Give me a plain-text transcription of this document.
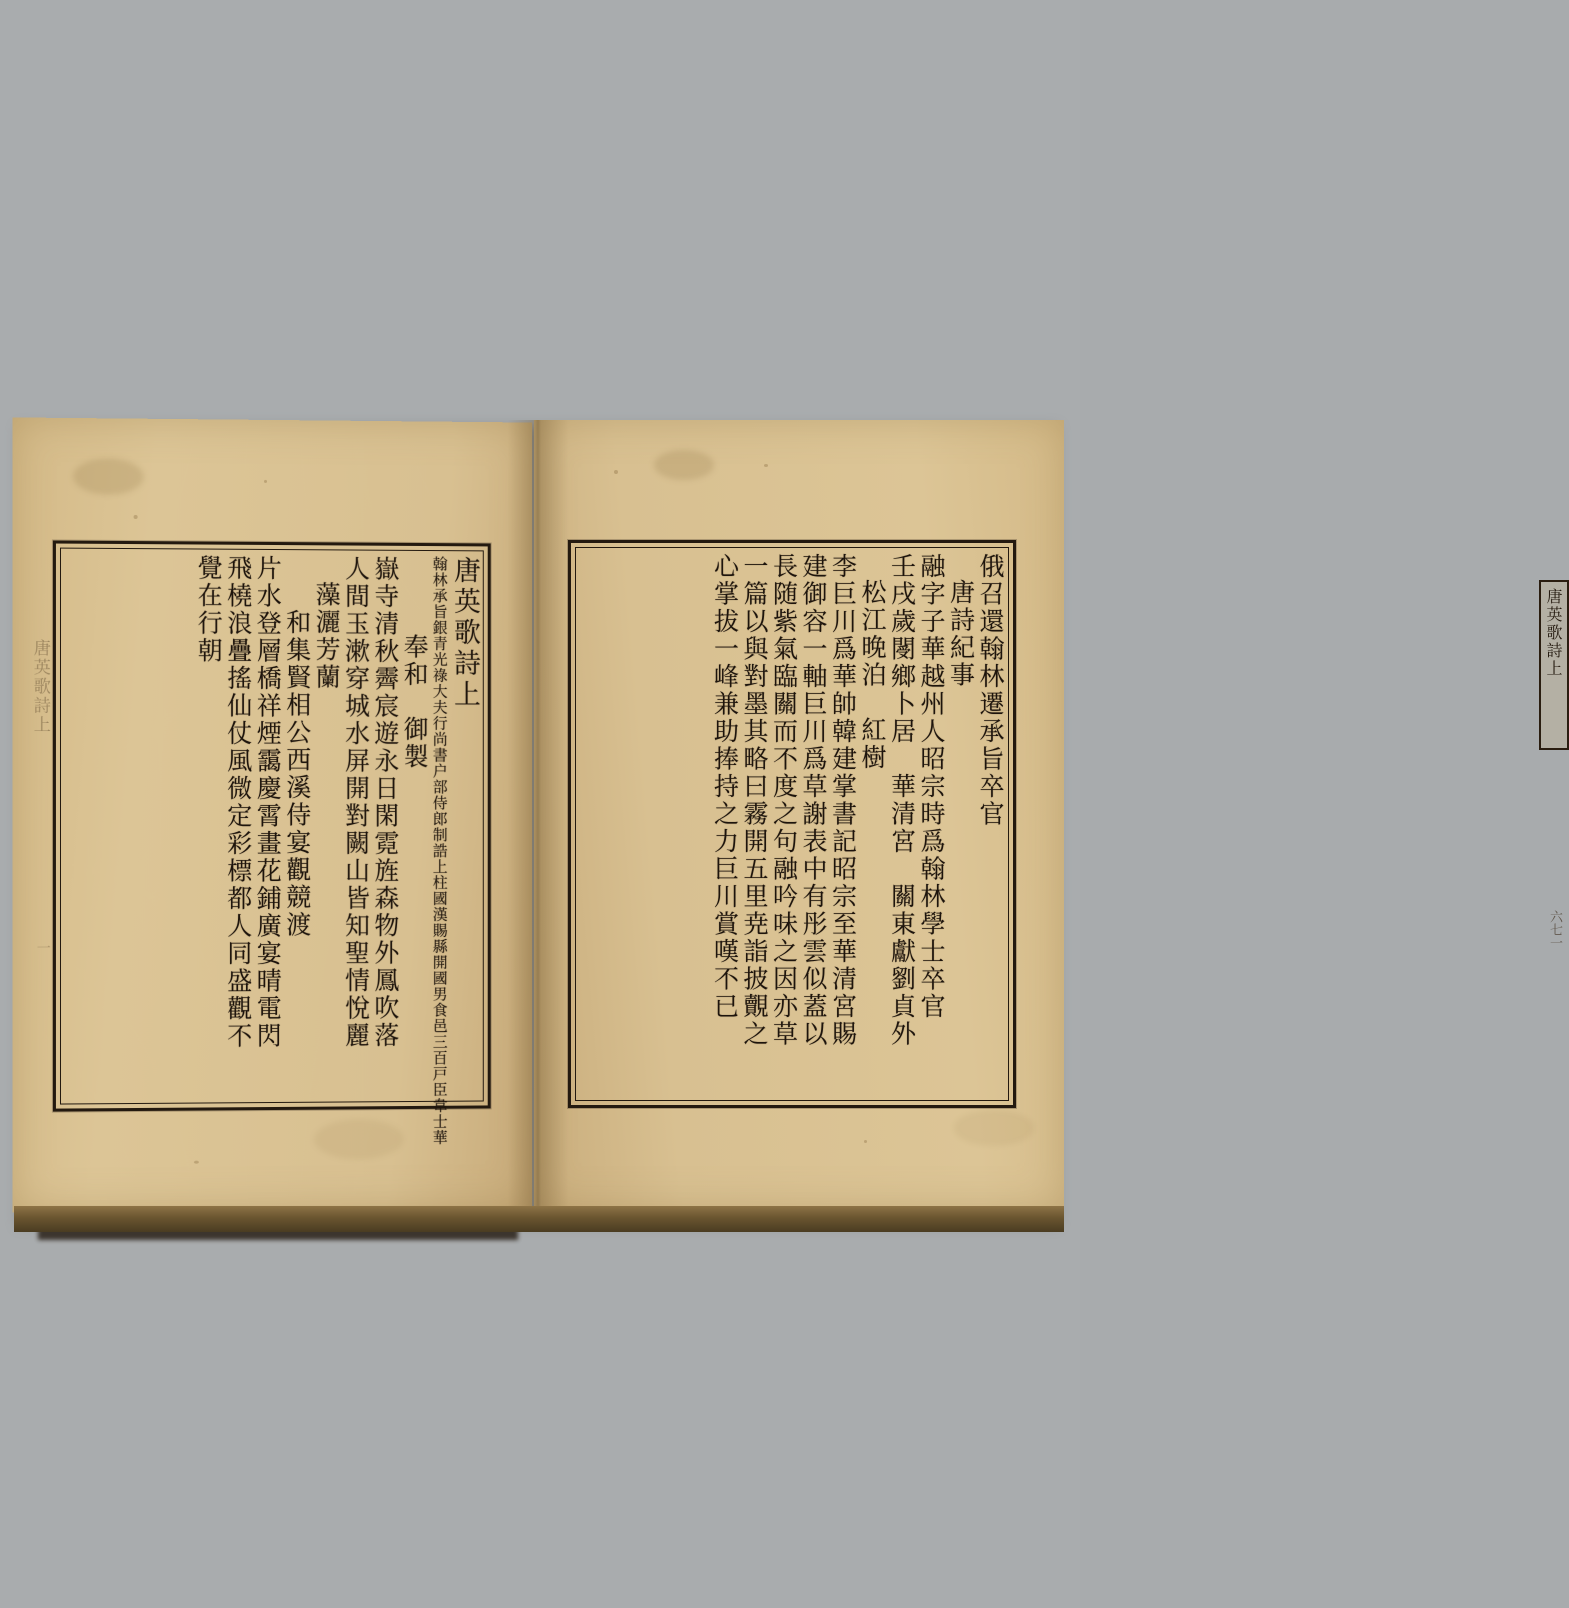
唐英歌詩上
一
唐英歌詩上
翰林承旨銀青光祿大夫行尚書户部侍郎制誥上柱國漢賜縣開國男食邑三百戸臣韋士華
奉和　御製
嶽寺清秋霽宸遊永日閑霓旌森物外鳳吹落
人間玉漱穿城水屏開對闕山皆知聖情悅麗
藻灑芳蘭
和集賢相公西溪侍宴觀競渡
片水登層橋祥煙靄慶霄畫花鋪廣宴晴電閃
飛橈浪疊搖仙仗風微定彩標都人同盛觀不
覺在行朝	俄召還翰林遷承旨卒官
唐詩紀事
融字子華越州人昭宗時爲翰林學士卒官
壬戌歲閿鄉卜居　華清宮　關東獻劉貞外
松江晚泊　紅樹
李巨川爲華帥韓建掌書記昭宗至華清宮賜
建御容一軸巨川爲草謝表中有彤雲似蓋以
長随紫氣臨關而不度之句融吟味之因亦草
一篇以與對墨其略曰霧開五里尭詣披覿之
心掌拔一峰兼助捧持之力巨川賞嘆不已	唐英歌詩上
六七一
